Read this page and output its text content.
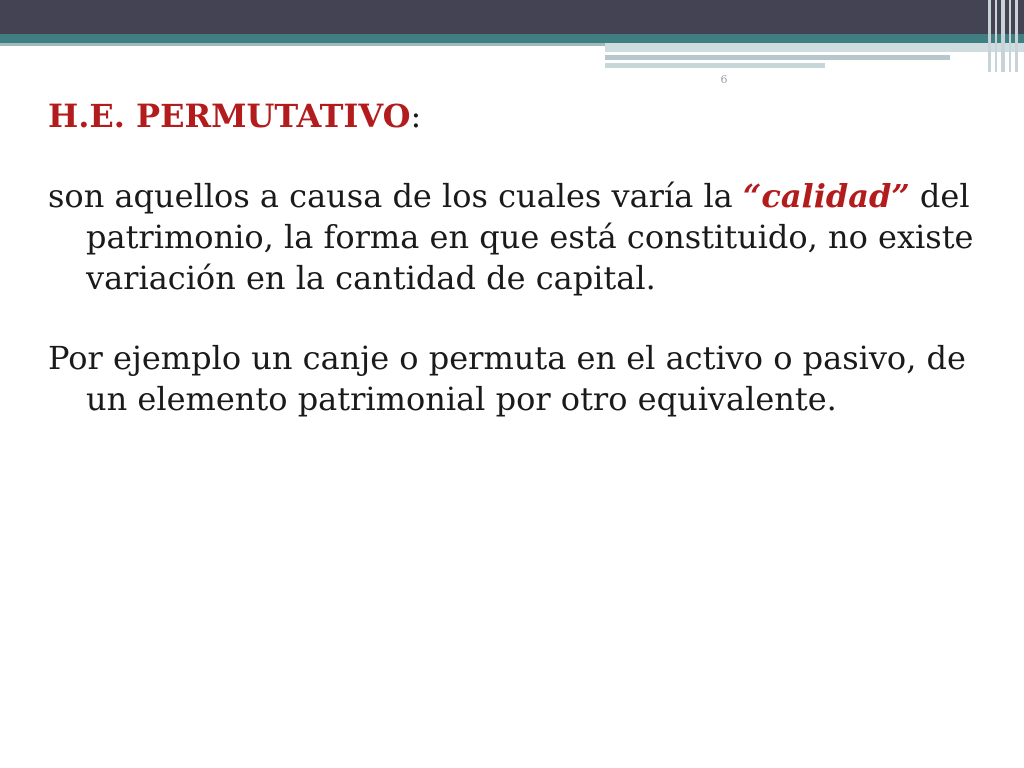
6

H.E. PERMUTATIVO:

son aquellos a causa de los cuales varía la “calidad” del patrimonio, la forma en que está constituido, no existe variación en la cantidad de capital.

Por ejemplo un canje o permuta en el activo o pasivo, de un elemento patrimonial por otro equivalente.
